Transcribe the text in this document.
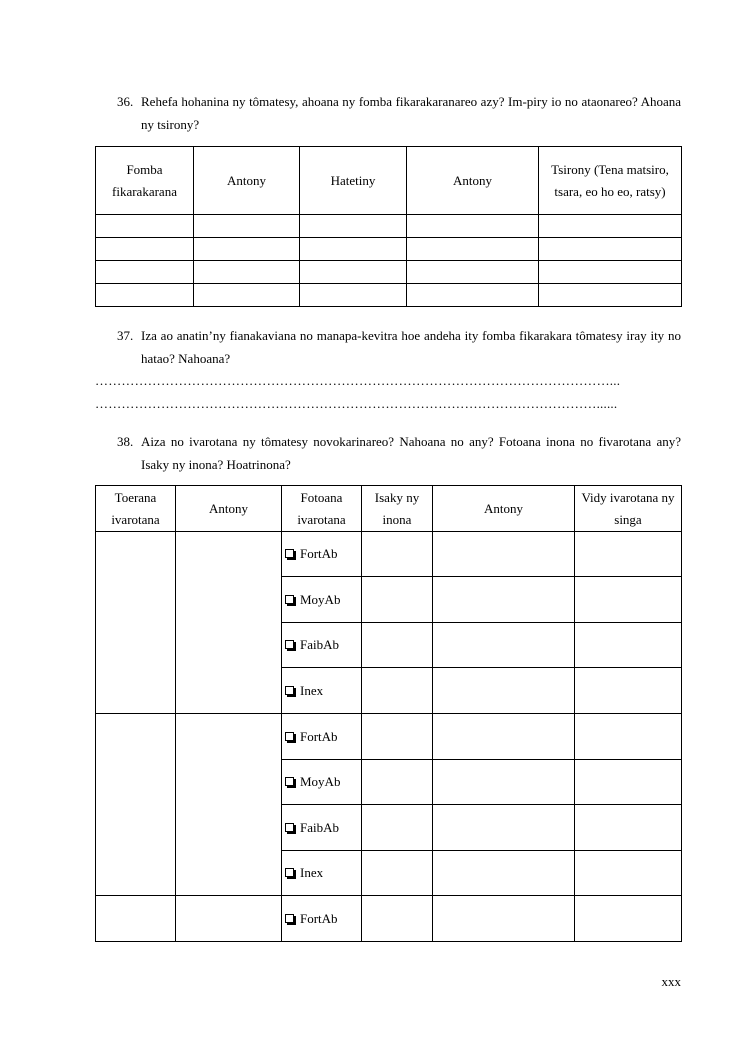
36. Rehefa hohanina ny tômatesy, ahoana ny fomba fikarakaranareo azy? Im-piry io no ataonareo? Ahoana ny tsirony?
Fomba fikarakarana	Antony	Hatetiny	Antony	Tsirony (Tena matsiro, tsara, eo ho eo, ratsy)

37. Iza ao anatin’ny fianakaviana no manapa-kevitra hoe andeha ity fomba fikarakara tômatesy iray ity no hatao? Nahoana?
………………………………………………………………………………………………………...
……………………………………………………………………………………………………......
38. Aiza no ivarotana ny tômatesy novokarinareo? Nahoana no any? Fotoana inona no fivarotana any? Isaky ny inona? Hoatrinona?
Toerana ivarotana	Antony	Fotoana ivarotana	Isaky ny inona	Antony	Vidy ivarotana ny singa
		FortAb			
		MoyAb			
		FaibAb			
		Inex			
		FortAb			
		MoyAb			
		FaibAb			
		Inex			
		FortAb			
xxx
